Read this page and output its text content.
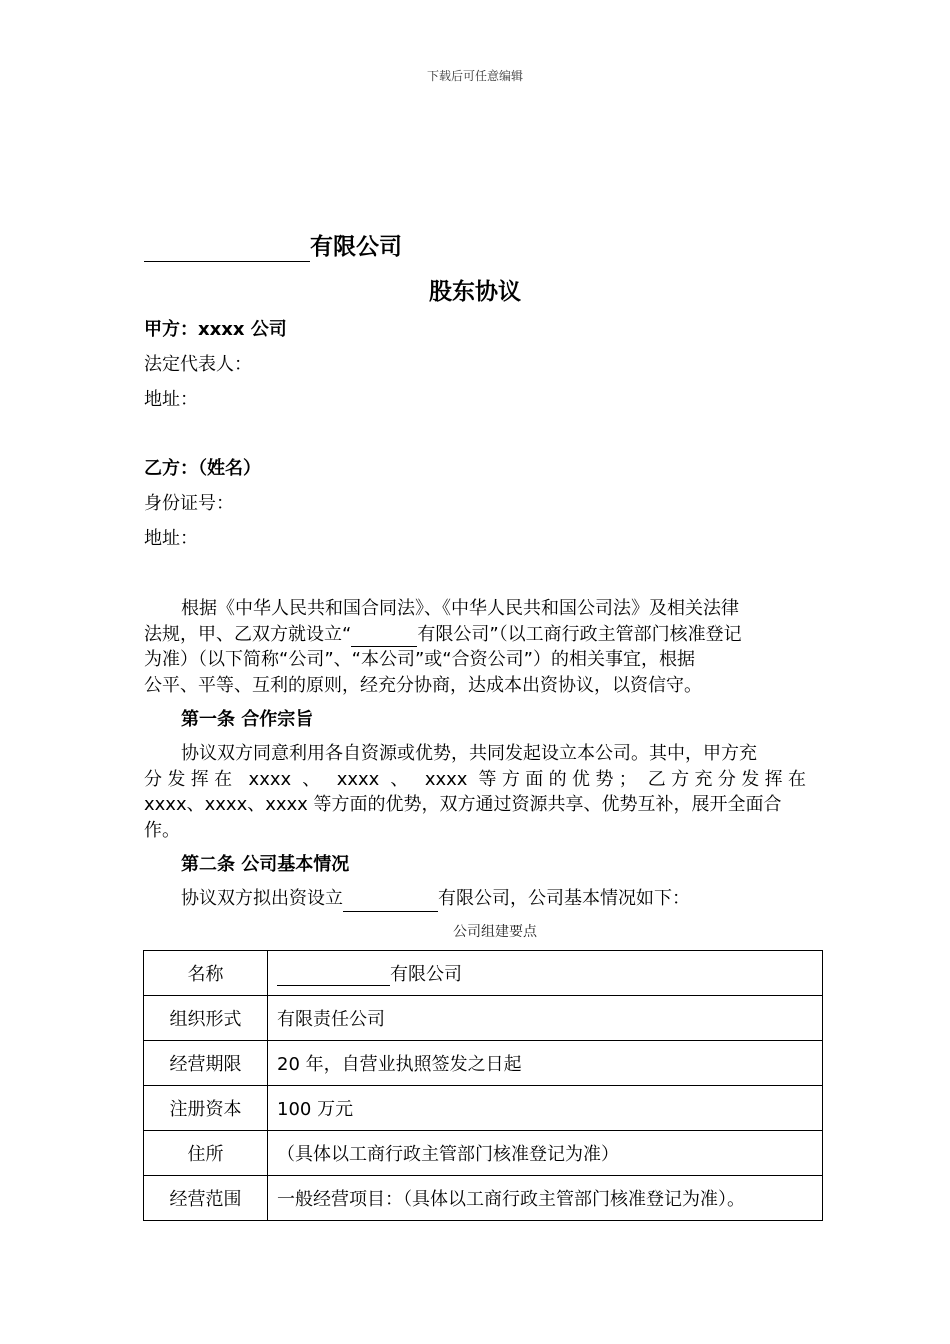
下载后可任意编辑
有限公司
股东协议
甲方：xxxx 公司
法定代表人：
地址：
乙方：（姓名）
身份证号：
地址：
根据《中华人民共和国合同法》、《中华人民共和国公司法》及相关法律
法规，甲、乙双方就设立“	有限公司”（以工商行政主管部门核准登记
为准）（以下简称“公司”、“本公司”或“合资公司”）的相关事宜，根据
公平、平等、互利的原则，经充分协商，达成本出资协议，以资信守。
第一条 合作宗旨
协议双方同意利用各自资源或优势，共同发起设立本公司。其中，甲方充
分发挥在 xxxx 、 xxxx 、 xxxx 等方面的优势； 乙方充分发挥在
xxxx、xxxx、xxxx 等方面的优势，双方通过资源共享、优势互补，展开全面合
作。
第二条 公司基本情况
协议双方拟出资设立	有限公司，公司基本情况如下：
公司组建要点
名称	有限公司
组织形式	有限责任公司
经营期限	20 年，自营业执照签发之日起
注册资本	100 万元
住所	（具体以工商行政主管部门核准登记为准）
经营范围	一般经营项目：（具体以工商行政主管部门核准登记为准）。
